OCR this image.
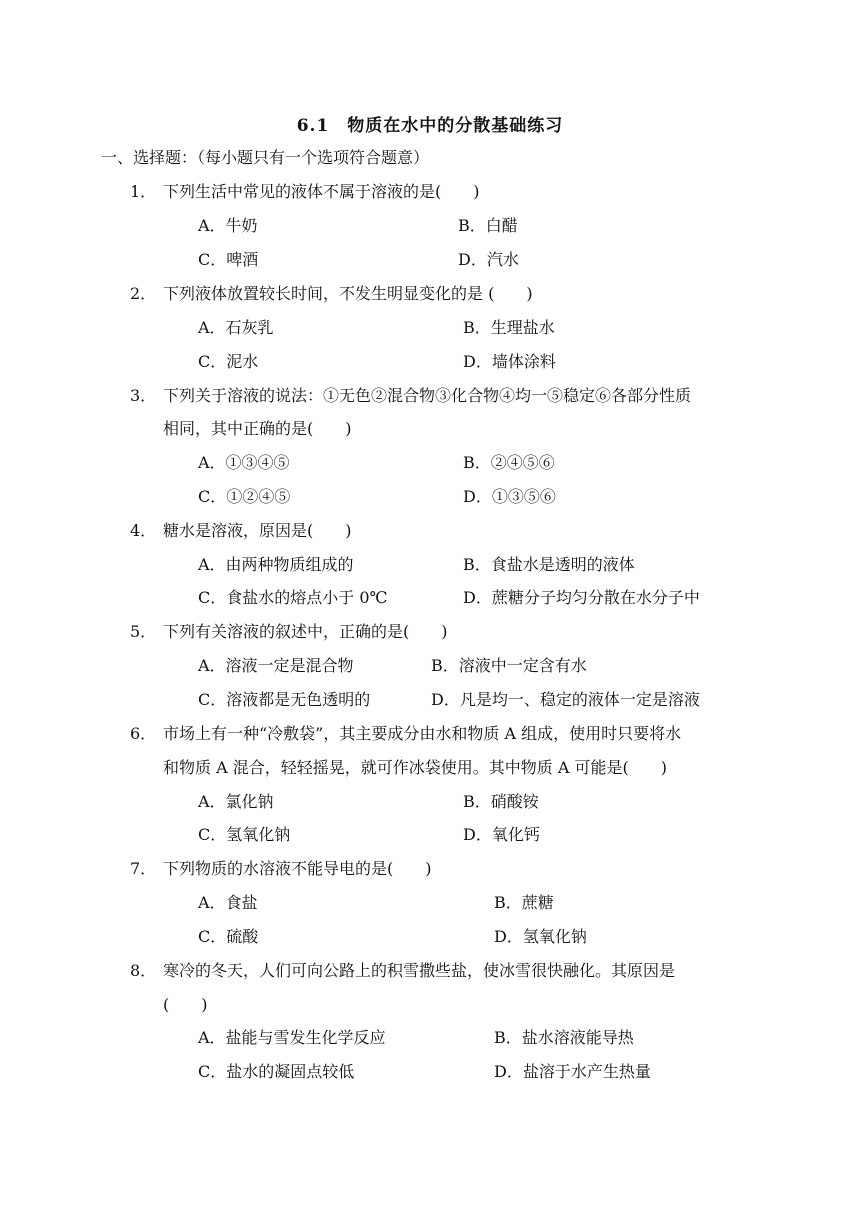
6.1　物质在水中的分散基础练习
一、选择题：（每小题只有一个选项符合题意）
1． 下列生活中常见的液体不属于溶液的是(　　)
A．牛奶	B．白醋
C．啤酒	D．汽水
2． 下列液体放置较长时间，不发生明显变化的是 (　　)
A．石灰乳	B．生理盐水
C．泥水	D．墙体涂料
3． 下列关于溶液的说法：①无色②混合物③化合物④均一⑤稳定⑥各部分性质
相同，其中正确的是(　　)
A．①③④⑤	B．②④⑤⑥
C．①②④⑤	D．①③⑤⑥
4． 糖水是溶液，原因是(　　)
A．由两种物质组成的	B．食盐水是透明的液体
C．食盐水的熔点小于 0℃	D．蔗糖分子均匀分散在水分子中
5． 下列有关溶液的叙述中，正确的是(　　)
A．溶液一定是混合物	B．溶液中一定含有水
C．溶液都是无色透明的	D．凡是均一、稳定的液体一定是溶液
6． 市场上有一种“冷敷袋”，其主要成分由水和物质 A 组成，使用时只要将水
和物质 A 混合，轻轻摇晃，就可作冰袋使用。其中物质 A 可能是(　　)
A．氯化钠	B．硝酸铵
C．氢氧化钠	D．氧化钙
7． 下列物质的水溶液不能导电的是(　　)
A．食盐	B．蔗糖
C．硫酸	D．氢氧化钠
8． 寒冷的冬天，人们可向公路上的积雪撒些盐，使冰雪很快融化。其原因是
(　　)
A．盐能与雪发生化学反应	B．盐水溶液能导热
C．盐水的凝固点较低	D．盐溶于水产生热量
